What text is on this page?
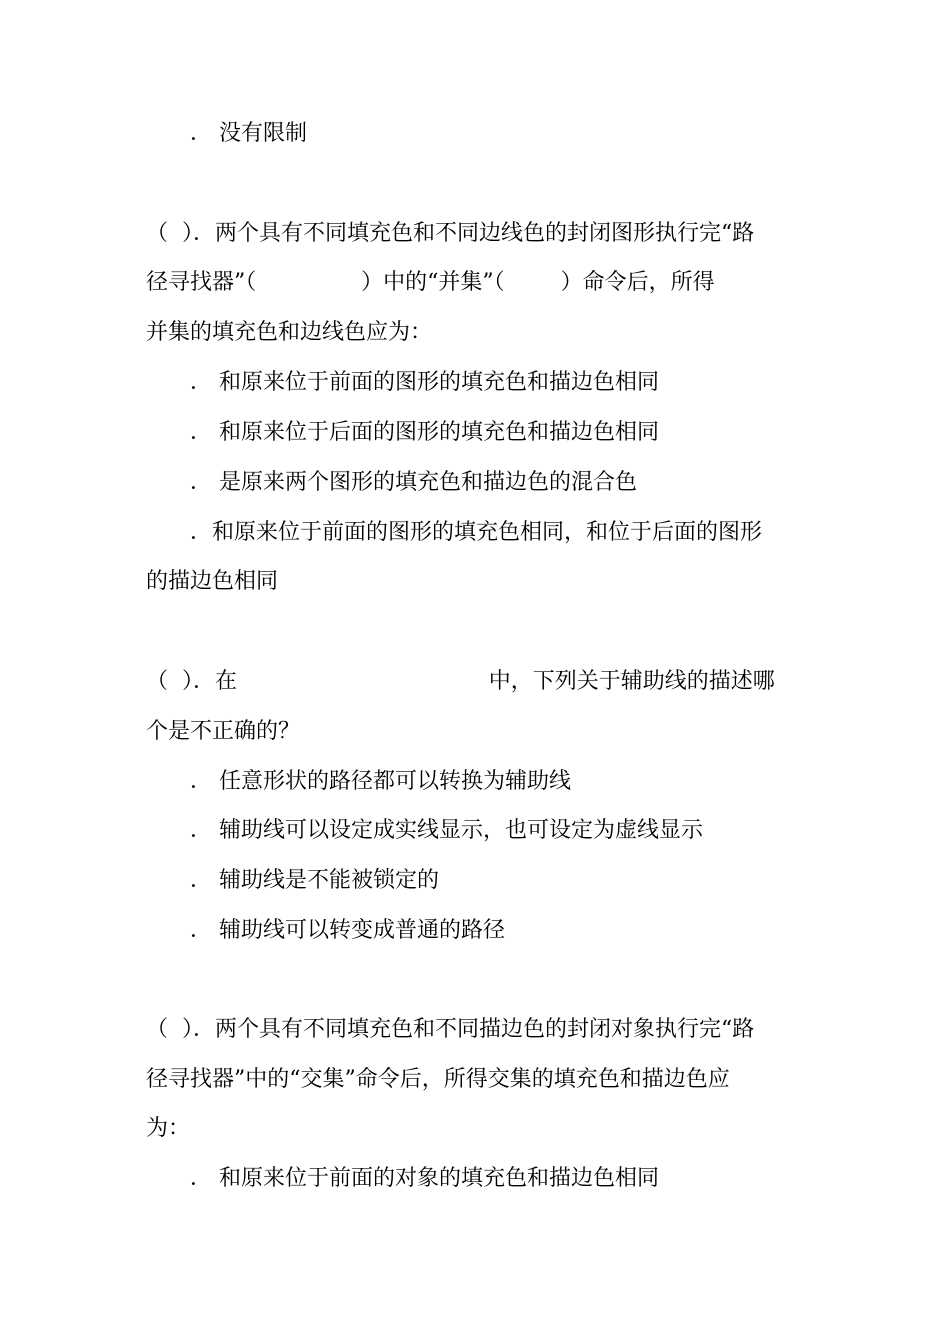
． 没有限制

（  ）．两个具有不同填充色和不同边线色的封闭图形执行完“路

径寻找器”（               ）中的“并集”（        ）命令后，所得

并集的填充色和边线色应为：

． 和原来位于前面的图形的填充色和描边色相同

． 和原来位于后面的图形的填充色和描边色相同

． 是原来两个图形的填充色和描边色的混合色

．和原来位于前面的图形的填充色相同，和位于后面的图形

的描边色相同

（  ）．在                                    中，下列关于辅助线的描述哪

个是不正确的？

． 任意形状的路径都可以转换为辅助线

． 辅助线可以设定成实线显示，也可设定为虚线显示

． 辅助线是不能被锁定的

． 辅助线可以转变成普通的路径

（  ）．两个具有不同填充色和不同描边色的封闭对象执行完“路

径寻找器”中的“交集”命令后，所得交集的填充色和描边色应

为：

． 和原来位于前面的对象的填充色和描边色相同
